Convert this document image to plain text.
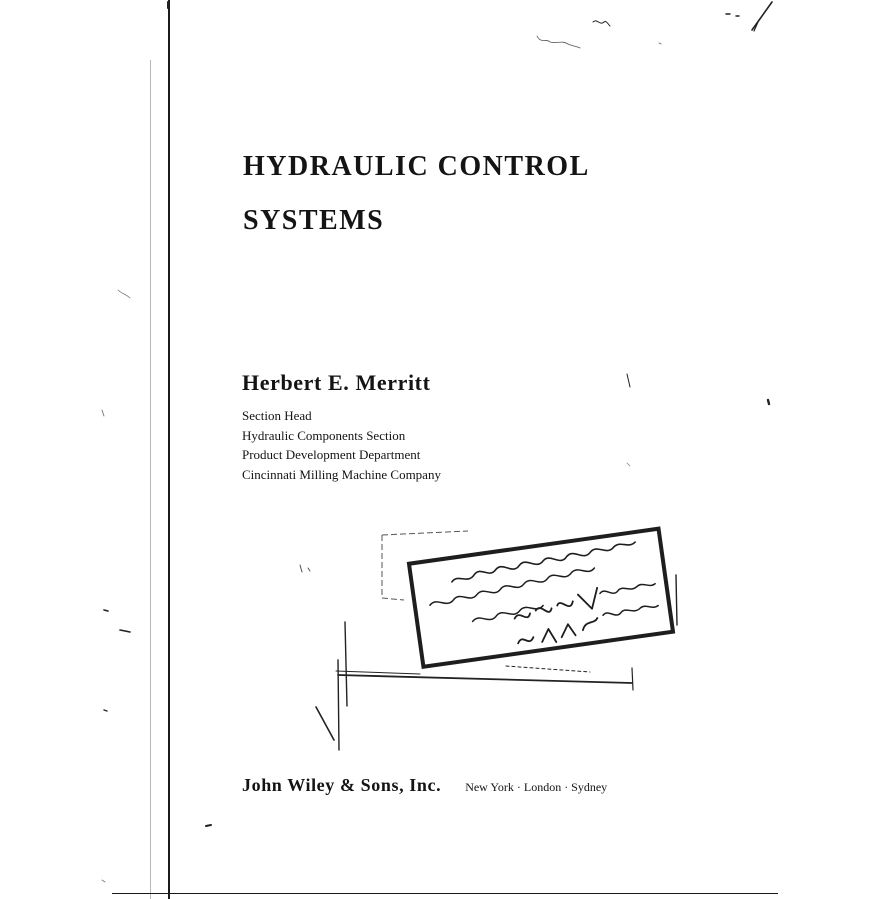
HYDRAULIC CONTROL
SYSTEMS
Herbert E. Merritt
Section Head
Hydraulic Components Section
Product Development Department
Cincinnati Milling Machine Company
John Wiley & Sons, Inc. New York · London · Sydney
